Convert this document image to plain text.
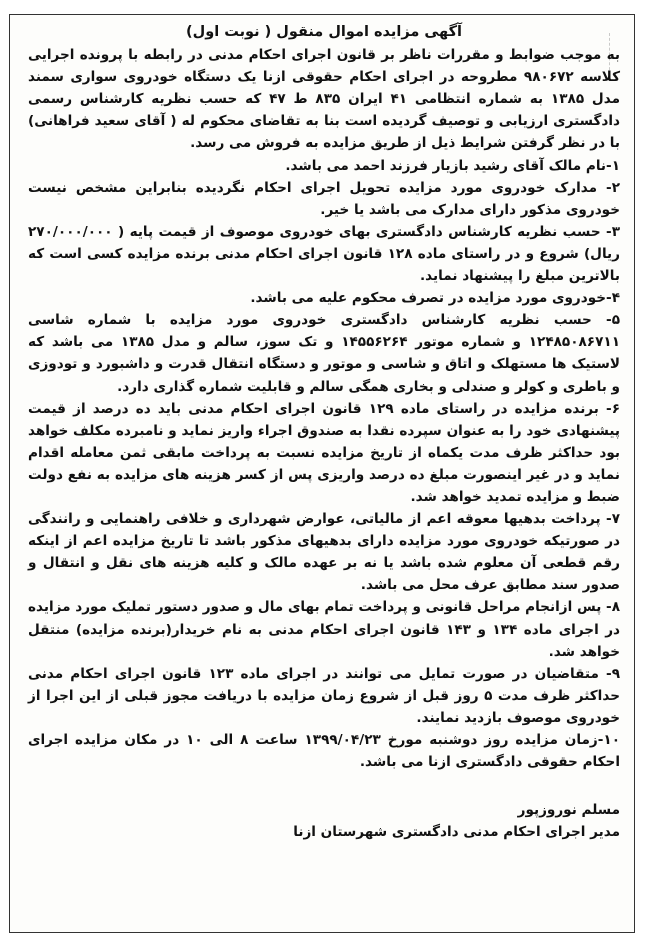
آگهی مزایده اموال منقول ( نوبت اول)

به موجب ضوابط و مقررات ناظر بر قانون اجرای احکام مدنی در رابطه با پرونده اجرایی کلاسه ۹۸۰۶۷۲ مطروحه در اجرای احکام حقوقی ازنا یک دستگاه خودروی سواری سمند مدل ۱۳۸۵ به شماره انتظامی ۴۱ ایران ۸۳۵ ط ۴۷ که حسب نظریه کارشناس رسمی دادگستری ارزیابی و توصیف گردیده است بنا به تقاضای محکوم له ( آقای سعید فراهانی) با در نظر گرفتن شرایط ذیل از طریق مزایده به فروش می رسد.

۱-نام مالک آقای رشید بازیار فرزند احمد می باشد.

۲- مدارک خودروی مورد مزایده تحویل اجرای احکام نگردیده بنابراین مشخص نیست خودروی مذکور دارای مدارک می باشد یا خیر.

۳- حسب نظریه کارشناس دادگستری بهای خودروی موصوف از قیمت پایه ( ۲۷۰/۰۰۰/۰۰۰ ریال) شروع و در راستای ماده ۱۲۸ قانون اجرای احکام مدنی برنده مزایده کسی است که بالاترین مبلغ را پیشنهاد نماید.

۴-خودروی مورد مزایده در تصرف محکوم علیه می باشد.

۵- حسب نظریه کارشناس دادگستری خودروی مورد مزایده با شماره شاسی ۱۲۴۸۵۰۸۶۷۱۱ و شماره موتور ۱۴۵۵۶۲۶۴ و تک سوز، سالم و مدل ۱۳۸۵ می باشد که لاستیک ها مستهلک و اتاق و شاسی و موتور و دستگاه انتقال قدرت و داشبورد و تودوزی و باطری و کولر و صندلی و بخاری همگی سالم و قابلیت شماره گذاری دارد.

۶- برنده مزایده در راستای ماده ۱۲۹ قانون اجرای احکام مدنی باید ده درصد از قیمت پیشنهادی خود را به عنوان سپرده نقدا به صندوق اجراء واریز نماید و نامبرده مکلف خواهد بود حداکثر ظرف مدت یکماه از تاریخ مزایده نسبت به پرداخت مابقی ثمن معامله اقدام نماید و در غیر اینصورت مبلغ ده درصد واریزی پس از کسر هزینه های مزایده به نفع دولت ضبط و مزایده تمدید خواهد شد.

۷- پرداخت بدهیها معوقه اعم از مالیاتی، عوارض شهرداری و خلافی راهنمایی و رانندگی در صورتیکه خودروی مورد مزایده دارای بدهیهای مذکور باشد تا تاریخ مزایده اعم از اینکه رقم قطعی آن معلوم شده باشد یا نه بر عهده مالک و کلیه هزینه های نقل و انتقال و صدور سند مطابق عرف محل می باشد.

۸- پس ازانجام مراحل قانونی و پرداخت تمام بهای مال و صدور دستور تملیک مورد مزایده در اجرای ماده ۱۳۴ و ۱۴۳ قانون اجرای احکام مدنی به نام خریدار(برنده مزایده) منتقل خواهد شد.

۹- متقاضیان در صورت تمایل می توانند در اجرای ماده ۱۲۳ قانون اجرای احکام مدنی حداکثر ظرف مدت ۵ روز قبل از شروع زمان مزایده با دریافت مجوز قبلی از این اجرا از خودروی موصوف بازدید نمایند.

۱۰-زمان مزایده روز دوشنبه مورخ ۱۳۹۹/۰۴/۲۳ ساعت ۸ الی ۱۰ در مکان مزایده اجرای احکام حقوقی دادگستری ازنا می باشد.

مسلم نوروزپور

مدیر اجرای احکام مدنی دادگستری شهرستان ازنا
